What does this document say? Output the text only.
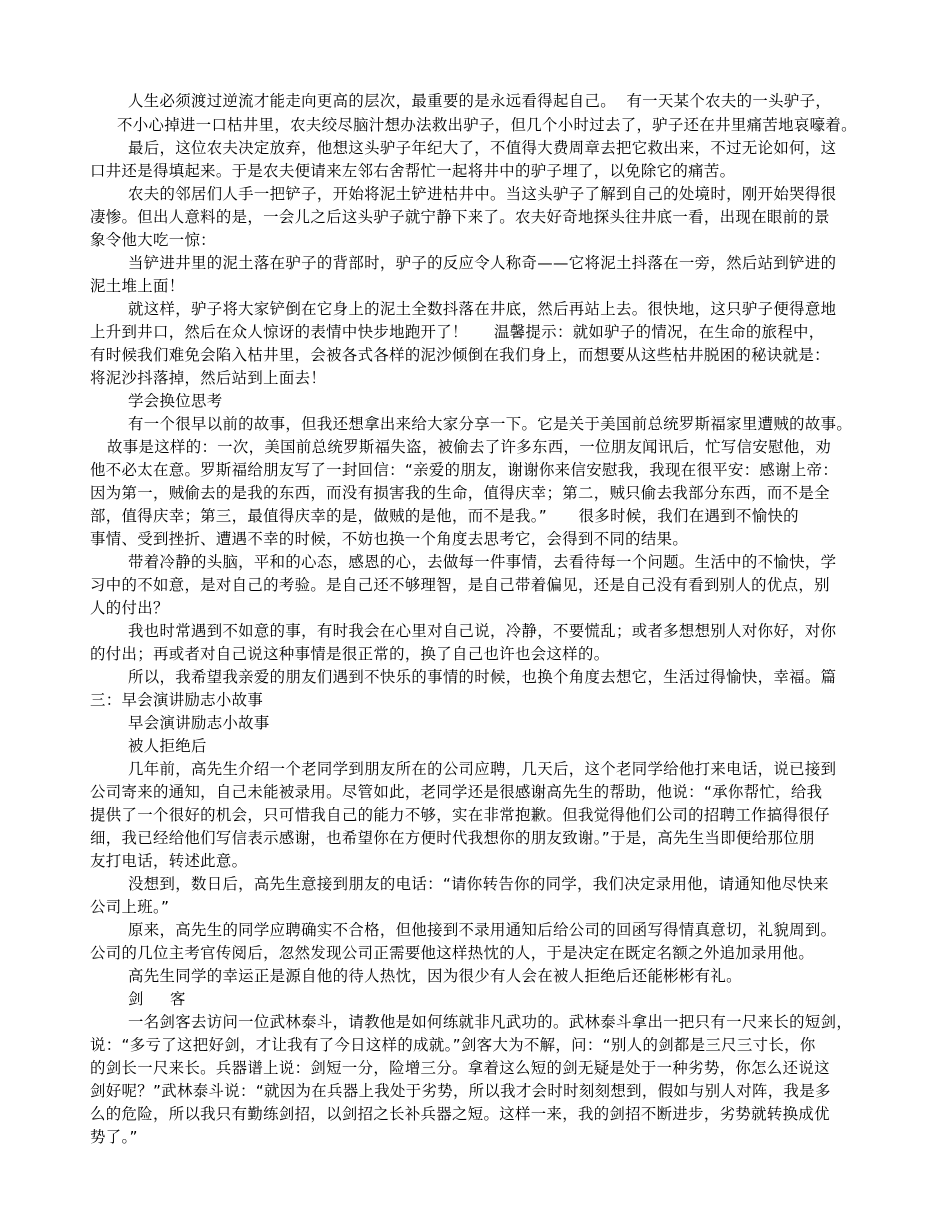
人生必须渡过逆流才能走向更高的层次，最重要的是永远看得起自己。  有一天某个农夫的一头驴子，
不小心掉进一口枯井里，农夫绞尽脑汁想办法救出驴子，但几个小时过去了，驴子还在井里痛苦地哀嚎着。
最后，这位农夫决定放弃，他想这头驴子年纪大了，不值得大费周章去把它救出来，不过无论如何，这
口井还是得填起来。于是农夫便请来左邻右舍帮忙一起将井中的驴子埋了，以免除它的痛苦。
农夫的邻居们人手一把铲子，开始将泥土铲进枯井中。当这头驴子了解到自己的处境时，刚开始哭得很
凄惨。但出人意料的是，一会儿之后这头驴子就宁静下来了。农夫好奇地探头往井底一看，出现在眼前的景
象令他大吃一惊：
当铲进井里的泥土落在驴子的背部时，驴子的反应令人称奇——它将泥土抖落在一旁，然后站到铲进的
泥土堆上面！
就这样，驴子将大家铲倒在它身上的泥土全数抖落在井底，然后再站上去。很快地，这只驴子便得意地
上升到井口，然后在众人惊讶的表情中快步地跑开了！     温馨提示：就如驴子的情况，在生命的旅程中，
有时候我们难免会陷入枯井里，会被各式各样的泥沙倾倒在我们身上，而想要从这些枯井脱困的秘诀就是：
将泥沙抖落掉，然后站到上面去！
学会换位思考
有一个很早以前的故事，但我还想拿出来给大家分享一下。它是关于美国前总统罗斯福家里遭贼的故事。
故事是这样的：一次，美国前总统罗斯福失盗，被偷去了许多东西，一位朋友闻讯后，忙写信安慰他，劝
他不必太在意。罗斯福给朋友写了一封回信：“亲爱的朋友，谢谢你来信安慰我，我现在很平安：感谢上帝：
因为第一，贼偷去的是我的东西，而没有损害我的生命，值得庆幸；第二，贼只偷去我部分东西，而不是全
部，值得庆幸；第三，最值得庆幸的是，做贼的是他，而不是我。”      很多时候，我们在遇到不愉快的
事情、受到挫折、遭遇不幸的时候，不妨也换一个角度去思考它，会得到不同的结果。
带着冷静的头脑，平和的心态，感恩的心，去做每一件事情，去看待每一个问题。生活中的不愉快，学
习中的不如意，是对自己的考验。是自己还不够理智，是自己带着偏见，还是自己没有看到别人的优点，别
人的付出？
我也时常遇到不如意的事，有时我会在心里对自己说，冷静，不要慌乱；或者多想想别人对你好，对你
的付出；再或者对自己说这种事情是很正常的，换了自己也许也会这样的。
所以，我希望我亲爱的朋友们遇到不快乐的事情的时候，也换个角度去想它，生活过得愉快，幸福。篇
三：早会演讲励志小故事
早会演讲励志小故事
被人拒绝后
几年前，高先生介绍一个老同学到朋友所在的公司应聘，几天后，这个老同学给他打来电话，说已接到
公司寄来的通知，自己未能被录用。尽管如此，老同学还是很感谢高先生的帮助，他说：“承你帮忙，给我
提供了一个很好的机会，只可惜我自己的能力不够，实在非常抱歉。但我觉得他们公司的招聘工作搞得很仔
细，我已经给他们写信表示感谢，也希望你在方便时代我想你的朋友致谢。”于是，高先生当即便给那位朋
友打电话，转述此意。
没想到，数日后，高先生意接到朋友的电话：“请你转告你的同学，我们决定录用他，请通知他尽快来
公司上班。”
原来，高先生的同学应聘确实不合格，但他接到不录用通知后给公司的回函写得情真意切，礼貌周到。
公司的几位主考官传阅后，忽然发现公司正需要他这样热忱的人，于是决定在既定名额之外追加录用他。
高先生同学的幸运正是源自他的待人热忱，因为很少有人会在被人拒绝后还能彬彬有礼。
剑     客
一名剑客去访问一位武林泰斗，请教他是如何练就非凡武功的。武林泰斗拿出一把只有一尺来长的短剑，
说：“多亏了这把好剑，才让我有了今日这样的成就。”剑客大为不解，问：“别人的剑都是三尺三寸长，你
的剑长一尺来长。兵器谱上说：剑短一分，险增三分。拿着这么短的剑无疑是处于一种劣势，你怎么还说这
剑好呢？”武林泰斗说：“就因为在兵器上我处于劣势，所以我才会时时刻刻想到，假如与别人对阵，我是多
么的危险，所以我只有勤练剑招，以剑招之长补兵器之短。这样一来，我的剑招不断进步，劣势就转换成优
势了。”
